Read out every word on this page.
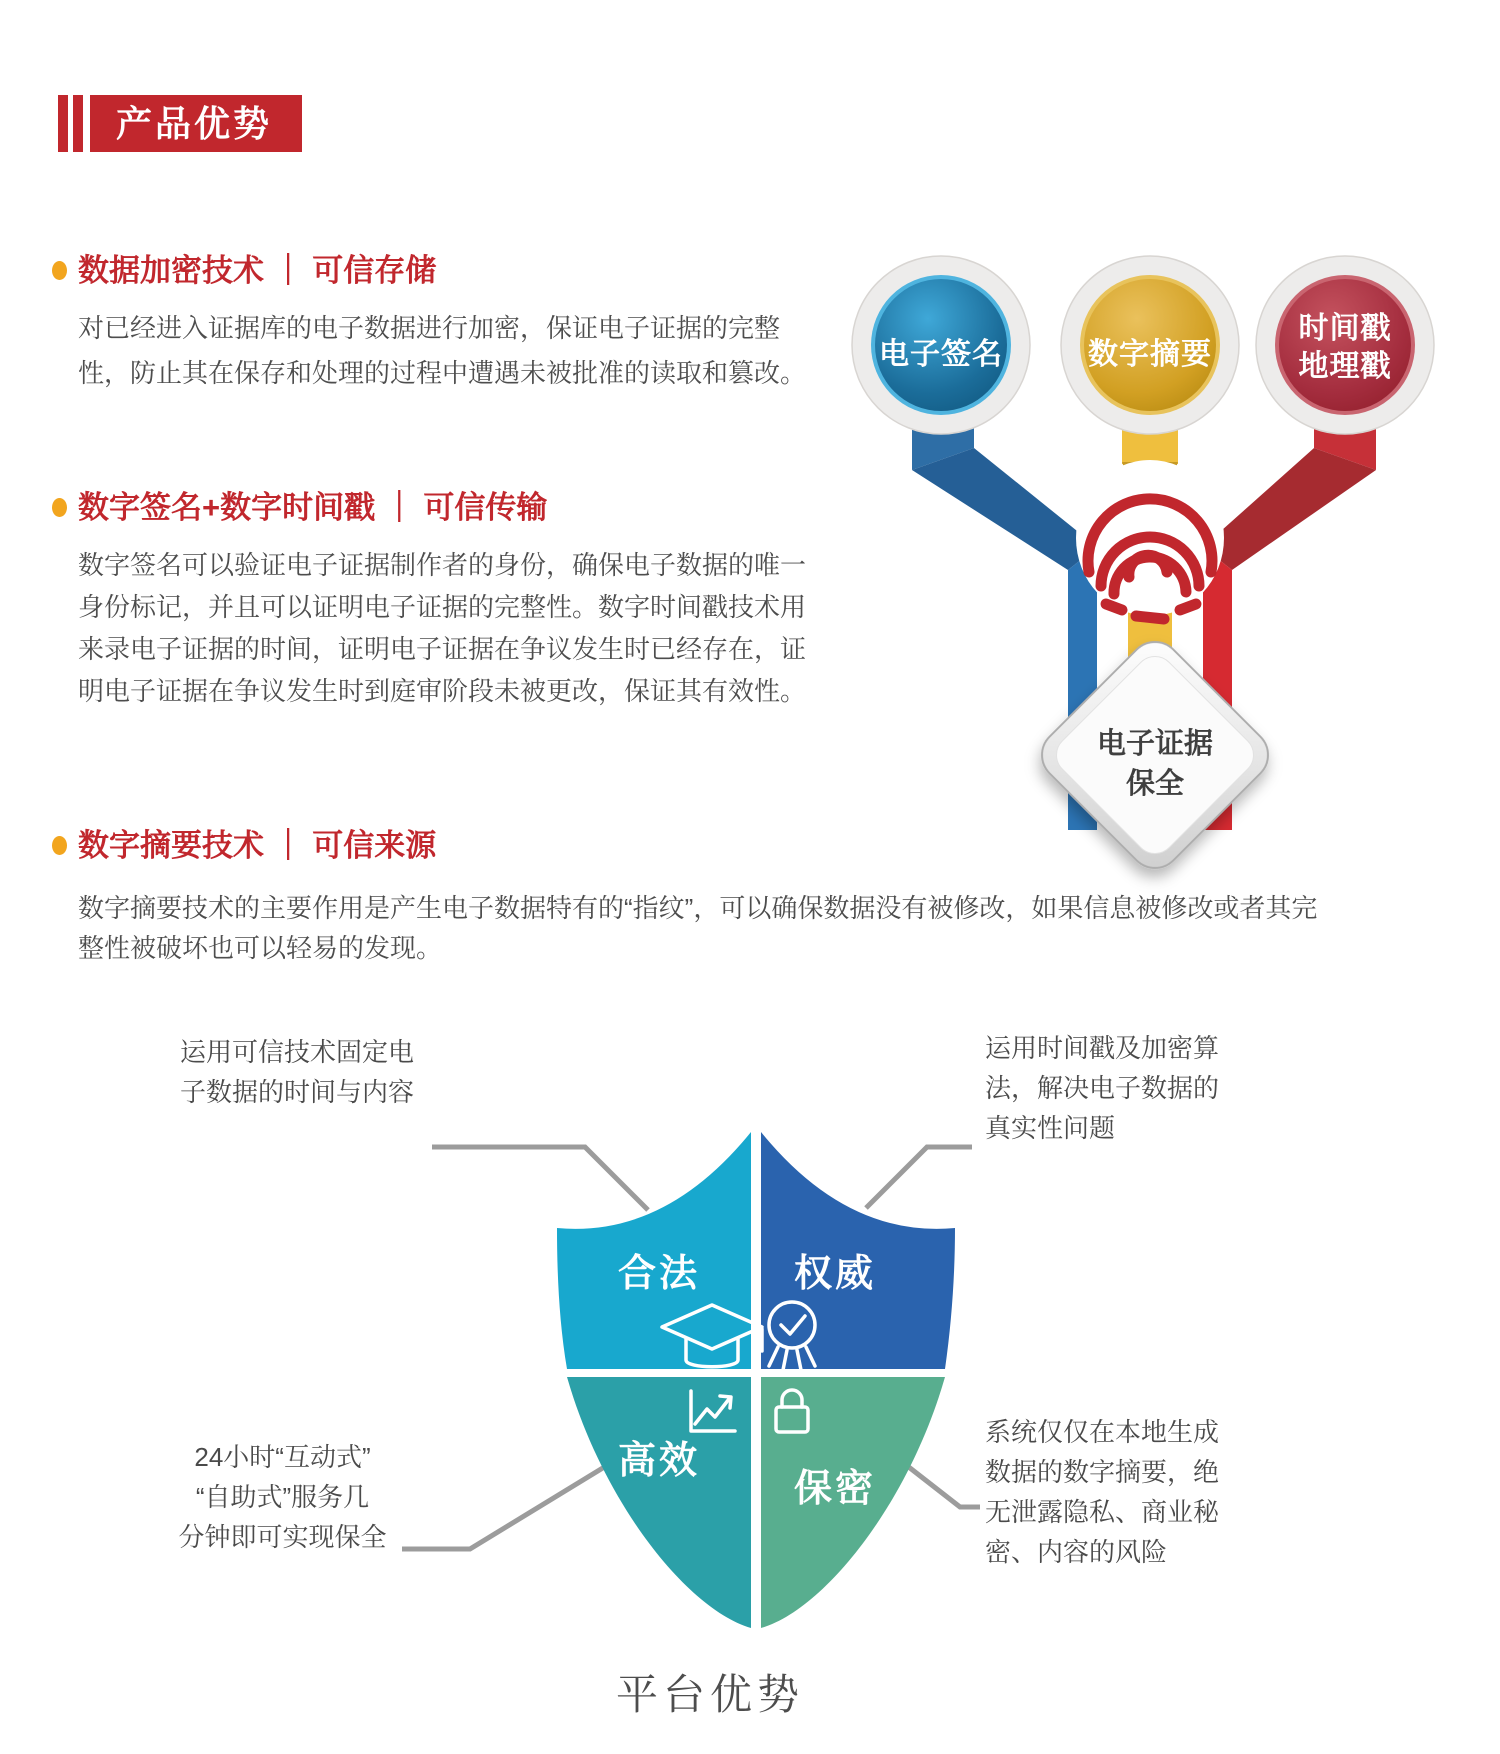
产品优势
数据加密技术 ｜ 可信存储
对已经进入证据库的电子数据进行加密，保证电子证据的完整
性，防止其在保存和处理的过程中遭遇未被批准的读取和篡改。
数字签名+数字时间戳 ｜ 可信传输
数字签名可以验证电子证据制作者的身份，确保电子数据的唯一
身份标记，并且可以证明电子证据的完整性。数字时间戳技术用
来录电子证据的时间，证明电子证据在争议发生时已经存在，证
明电子证据在争议发生时到庭审阶段未被更改，保证其有效性。
数字摘要技术 ｜ 可信来源
数字摘要技术的主要作用是产生电子数据特有的“指纹”，可以确保数据没有被修改，如果信息被修改或者其完
整性被破坏也可以轻易的发现。
电子签名	数字摘要
时间戳
地理戳
电子证据
保全
合法	权威
高效
保密
运用可信技术固定电
子数据的时间与内容
运用时间戳及加密算
法，解决电子数据的
真实性问题
24小时“互动式”
“自助式”服务几
分钟即可实现保全
系统仅仅在本地生成
数据的数字摘要，绝
无泄露隐私、商业秘
密、内容的风险
平台优势
